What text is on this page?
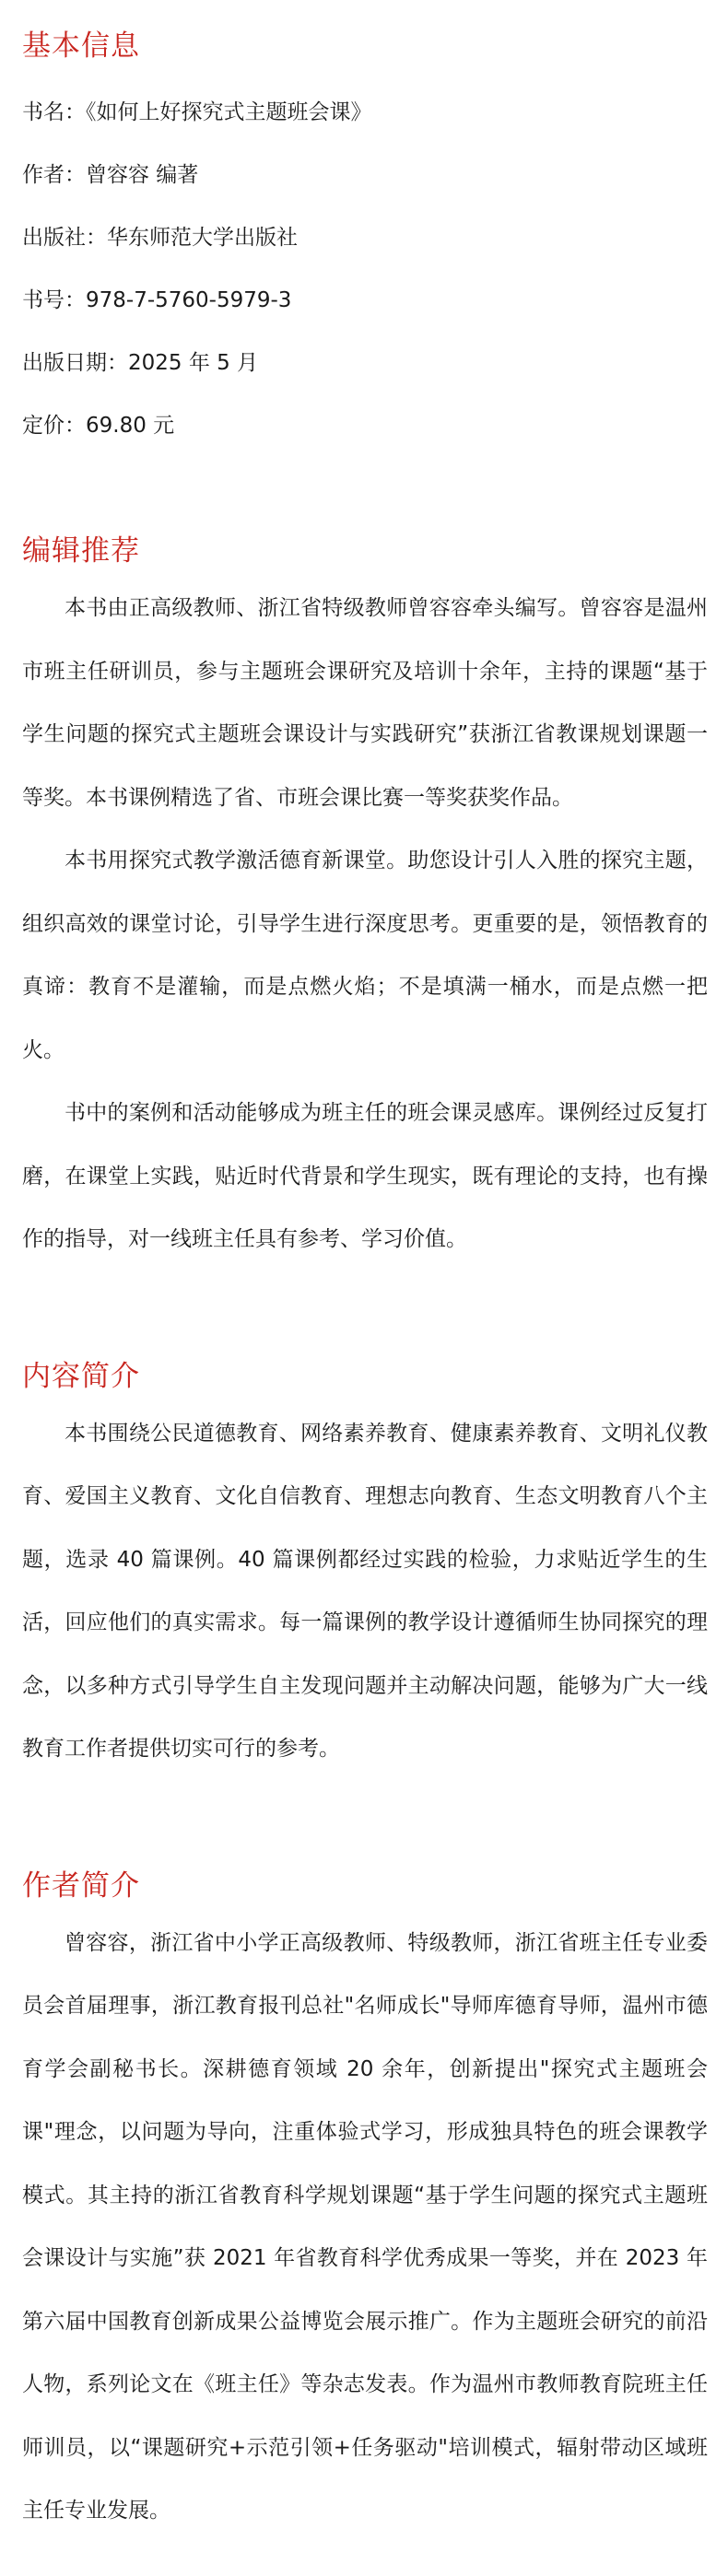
基本信息
书名：《如何上好探究式主题班会课》
作者：曾容容 编著
出版社：华东师范大学出版社
书号：978-7-5760-5979-3
出版日期：2025 年 5 月
定价：69.80 元
编辑推荐

本书由正高级教师、浙江省特级教师曾容容牵头编写。曾容容是温州市班主任研训员，参与主题班会课研究及培训十余年，主持的课题“基于学生问题的探究式主题班会课设计与实践研究”获浙江省教课规划课题一等奖。本书课例精选了省、市班会课比赛一等奖获奖作品。

本书用探究式教学激活德育新课堂。助您设计引人入胜的探究主题，组织高效的课堂讨论，引导学生进行深度思考。更重要的是，领悟教育的真谛：教育不是灌输，而是点燃火焰；不是填满一桶水，而是点燃一把火。

书中的案例和活动能够成为班主任的班会课灵感库。课例经过反复打磨，在课堂上实践，贴近时代背景和学生现实，既有理论的支持，也有操作的指导，对一线班主任具有参考、学习价值。

内容简介

本书围绕公民道德教育、网络素养教育、健康素养教育、文明礼仪教育、爱国主义教育、文化自信教育、理想志向教育、生态文明教育八个主题，选录 40 篇课例。40 篇课例都经过实践的检验，力求贴近学生的生活，回应他们的真实需求。每一篇课例的教学设计遵循师生协同探究的理念，以多种方式引导学生自主发现问题并主动解决问题，能够为广大一线教育工作者提供切实可行的参考。

作者简介

曾容容，浙江省中小学正高级教师、特级教师，浙江省班主任专业委员会首届理事，浙江教育报刊总社"名师成长"导师库德育导师，温州市德育学会副秘书长。深耕德育领域 20 余年，创新提出"探究式主题班会课"理念，以问题为导向，注重体验式学习，形成独具特色的班会课教学模式。其主持的浙江省教育科学规划课题“基于学生问题的探究式主题班会课设计与实施”获 2021 年省教育科学优秀成果一等奖，并在 2023 年第六届中国教育创新成果公益博览会展示推广。作为主题班会研究的前沿人物，系列论文在《班主任》等杂志发表。作为温州市教师教育院班主任师训员，以“课题研究+示范引领+任务驱动"培训模式，辐射带动区域班主任专业发展。
